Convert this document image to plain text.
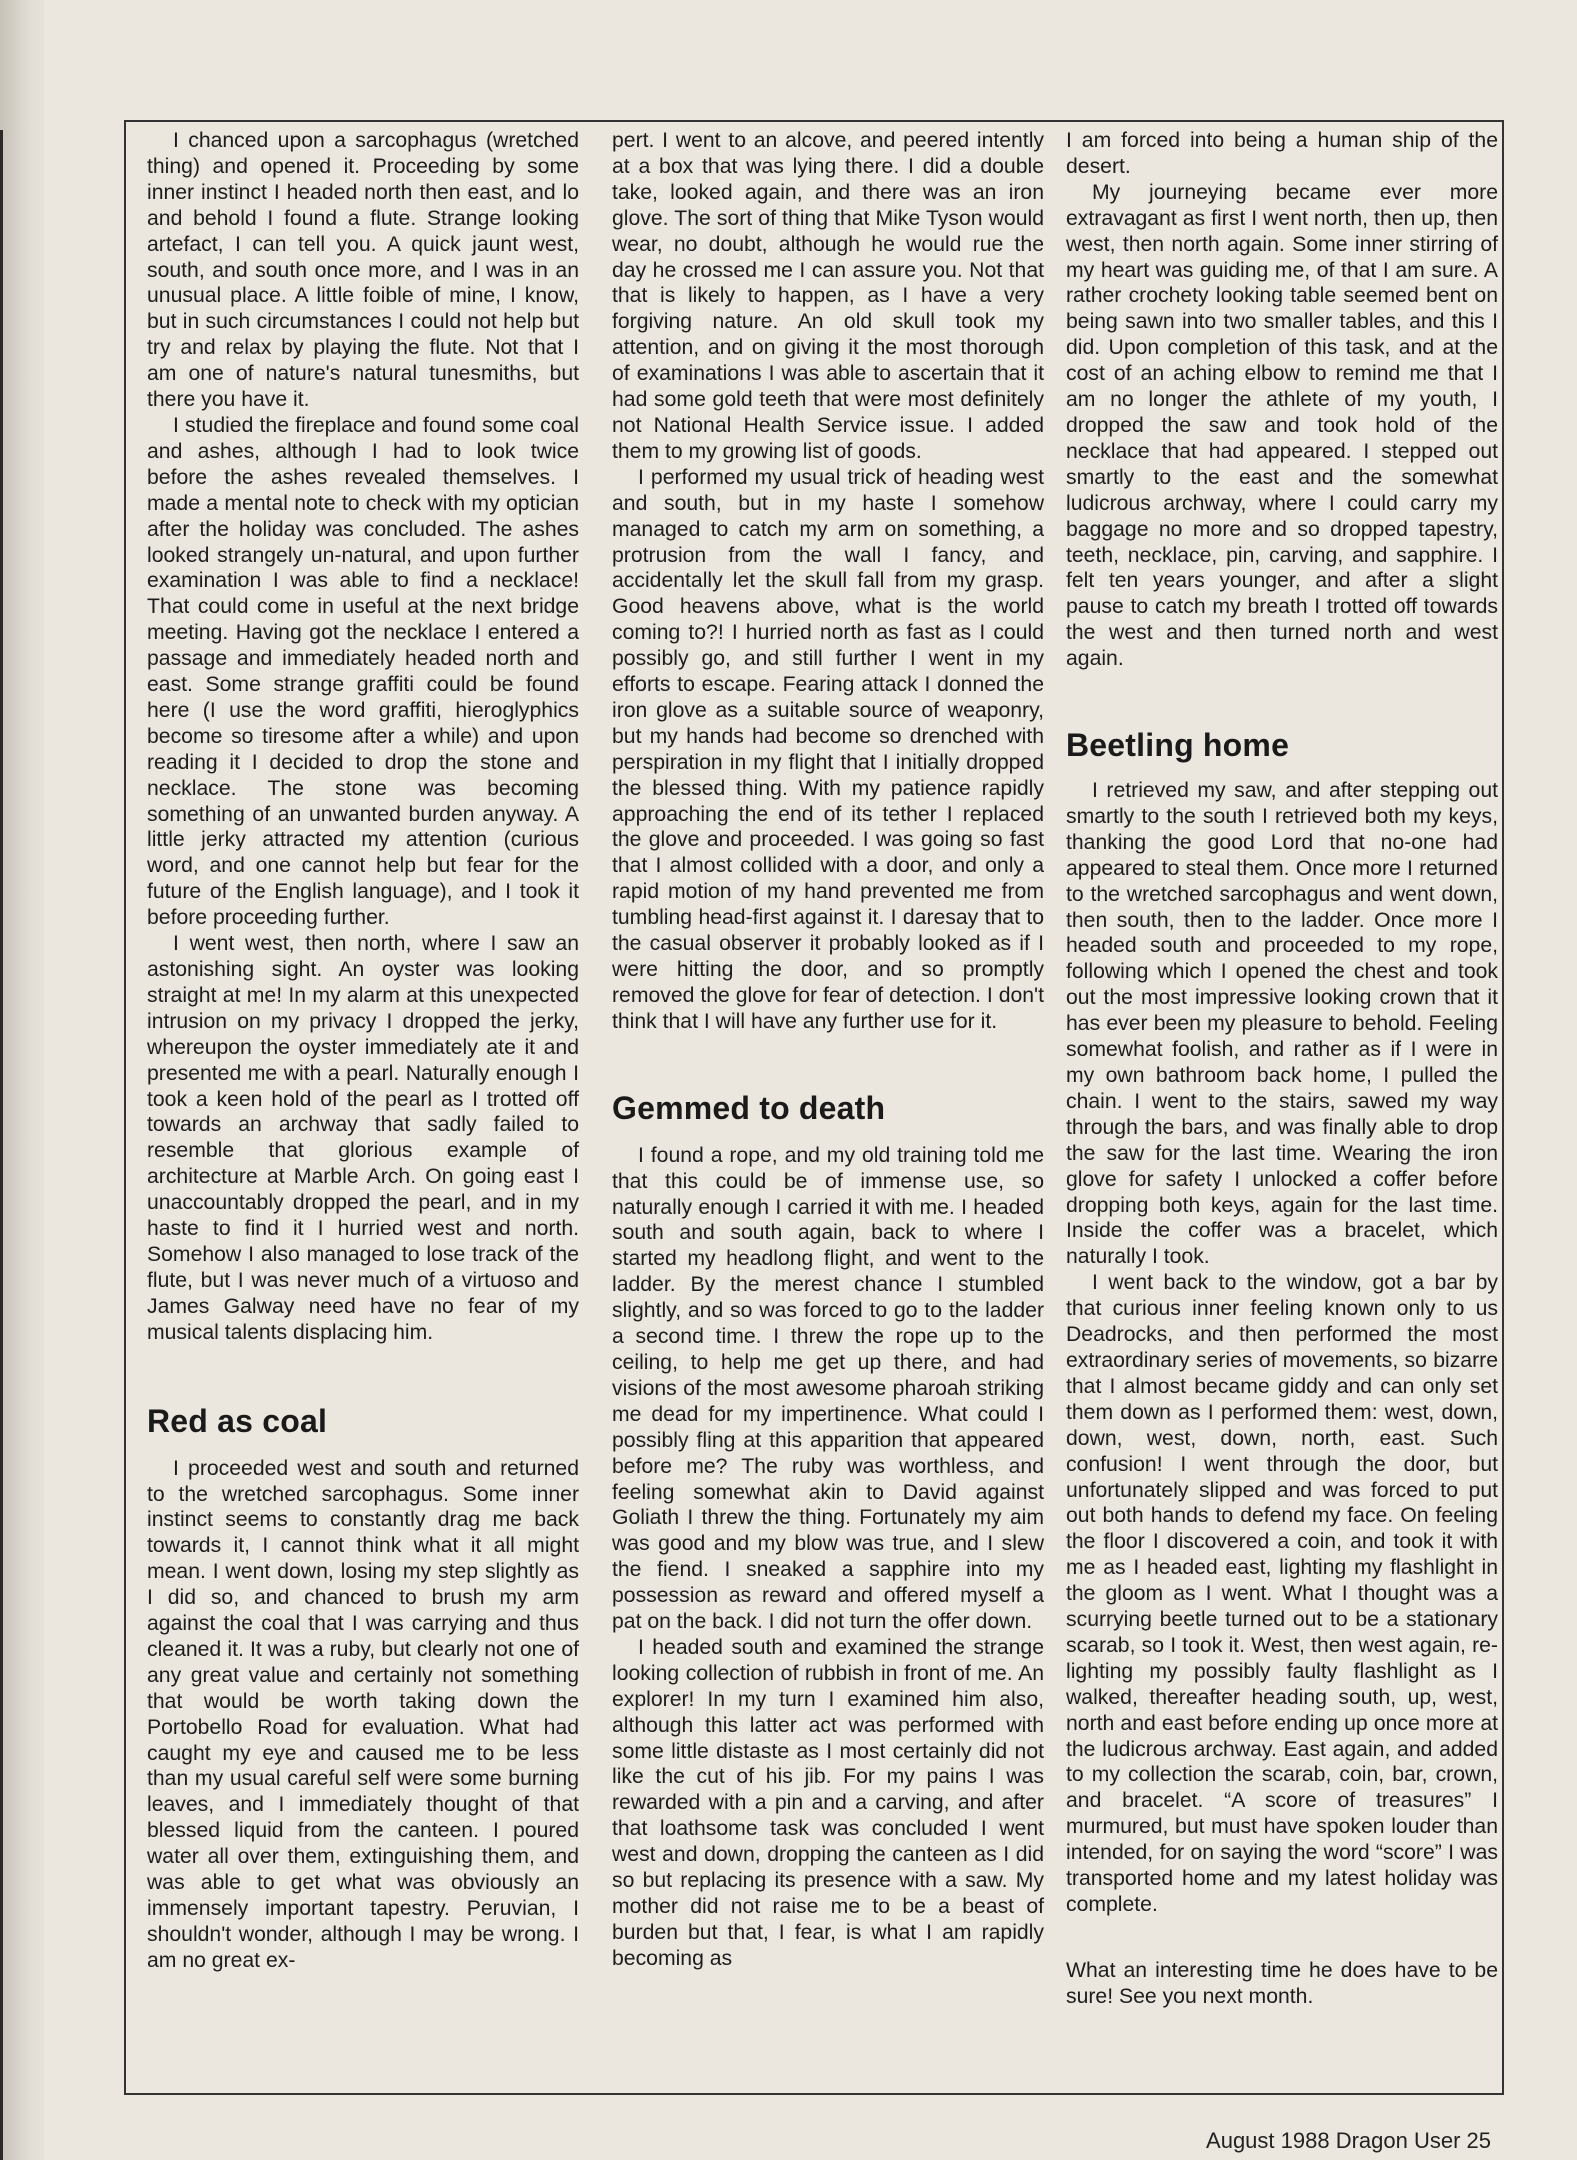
I chanced upon a sarcophagus (wretched thing) and opened it. Proceeding by some inner instinct I headed north then east, and lo and behold I found a flute. Strange looking artefact, I can tell you. A quick jaunt west, south, and south once more, and I was in an unusual place. A little foible of mine, I know, but in such circumstances I could not help but try and relax by playing the flute. Not that I am one of nature's natural tunesmiths, but there you have it.

I studied the fireplace and found some coal and ashes, although I had to look twice before the ashes revealed themselves. I made a mental note to check with my optician after the holiday was concluded. The ashes looked strangely un-natural, and upon further examination I was able to find a necklace! That could come in useful at the next bridge meeting. Having got the necklace I entered a passage and immediately headed north and east. Some strange graffiti could be found here (I use the word graffiti, hieroglyphics become so tiresome after a while) and upon reading it I decided to drop the stone and necklace. The stone was becoming something of an unwanted burden anyway. A little jerky attracted my attention (curious word, and one cannot help but fear for the future of the English language), and I took it before proceeding further.

I went west, then north, where I saw an astonishing sight. An oyster was looking straight at me! In my alarm at this unexpected intrusion on my privacy I dropped the jerky, whereupon the oyster immediately ate it and presented me with a pearl. Naturally enough I took a keen hold of the pearl as I trotted off towards an archway that sadly failed to resemble that glorious example of architecture at Marble Arch. On going east I unaccountably dropped the pearl, and in my haste to find it I hurried west and north. Somehow I also managed to lose track of the flute, but I was never much of a virtuoso and James Galway need have no fear of my musical talents displacing him.

Red as coal

I proceeded west and south and returned to the wretched sarcophagus. Some inner instinct seems to constantly drag me back towards it, I cannot think what it all might mean. I went down, losing my step slightly as I did so, and chanced to brush my arm against the coal that I was carrying and thus cleaned it. It was a ruby, but clearly not one of any great value and certainly not something that would be worth taking down the Portobello Road for evaluation. What had caught my eye and caused me to be less than my usual careful self were some burning leaves, and I immediately thought of that blessed liquid from the canteen. I poured water all over them, extinguishing them, and was able to get what was obviously an immensely important tapestry. Peruvian, I shouldn't wonder, although I may be wrong. I am no great ex-

pert. I went to an alcove, and peered intently at a box that was lying there. I did a double take, looked again, and there was an iron glove. The sort of thing that Mike Tyson would wear, no doubt, although he would rue the day he crossed me I can assure you. Not that that is likely to happen, as I have a very forgiving nature. An old skull took my attention, and on giving it the most thorough of examinations I was able to ascertain that it had some gold teeth that were most definitely not National Health Service issue. I added them to my growing list of goods.

I performed my usual trick of heading west and south, but in my haste I somehow managed to catch my arm on something, a protrusion from the wall I fancy, and accidentally let the skull fall from my grasp. Good heavens above, what is the world coming to?! I hurried north as fast as I could possibly go, and still further I went in my efforts to escape. Fearing attack I donned the iron glove as a suitable source of weaponry, but my hands had become so drenched with perspiration in my flight that I initially dropped the blessed thing. With my patience rapidly approaching the end of its tether I replaced the glove and proceeded. I was going so fast that I almost collided with a door, and only a rapid motion of my hand prevented me from tumbling head-first against it. I daresay that to the casual observer it probably looked as if I were hitting the door, and so promptly removed the glove for fear of detection. I don't think that I will have any further use for it.

Gemmed to death

I found a rope, and my old training told me that this could be of immense use, so naturally enough I carried it with me. I headed south and south again, back to where I started my headlong flight, and went to the ladder. By the merest chance I stumbled slightly, and so was forced to go to the ladder a second time. I threw the rope up to the ceiling, to help me get up there, and had visions of the most awesome pharoah striking me dead for my impertinence. What could I possibly fling at this apparition that appeared before me? The ruby was worthless, and feeling somewhat akin to David against Goliath I threw the thing. Fortunately my aim was good and my blow was true, and I slew the fiend. I sneaked a sapphire into my possession as reward and offered myself a pat on the back. I did not turn the offer down.

I headed south and examined the strange looking collection of rubbish in front of me. An explorer! In my turn I examined him also, although this latter act was performed with some little distaste as I most certainly did not like the cut of his jib. For my pains I was rewarded with a pin and a carving, and after that loathsome task was concluded I went west and down, dropping the canteen as I did so but replacing its presence with a saw. My mother did not raise me to be a beast of burden but that, I fear, is what I am rapidly becoming as

I am forced into being a human ship of the desert.

My journeying became ever more extravagant as first I went north, then up, then west, then north again. Some inner stirring of my heart was guiding me, of that I am sure. A rather crochety looking table seemed bent on being sawn into two smaller tables, and this I did. Upon completion of this task, and at the cost of an aching elbow to remind me that I am no longer the athlete of my youth, I dropped the saw and took hold of the necklace that had appeared. I stepped out smartly to the east and the somewhat ludicrous archway, where I could carry my baggage no more and so dropped tapestry, teeth, necklace, pin, carving, and sapphire. I felt ten years younger, and after a slight pause to catch my breath I trotted off towards the west and then turned north and west again.

Beetling home

I retrieved my saw, and after stepping out smartly to the south I retrieved both my keys, thanking the good Lord that no-one had appeared to steal them. Once more I returned to the wretched sarcophagus and went down, then south, then to the ladder. Once more I headed south and proceeded to my rope, following which I opened the chest and took out the most impressive looking crown that it has ever been my pleasure to behold. Feeling somewhat foolish, and rather as if I were in my own bathroom back home, I pulled the chain. I went to the stairs, sawed my way through the bars, and was finally able to drop the saw for the last time. Wearing the iron glove for safety I unlocked a coffer before dropping both keys, again for the last time. Inside the coffer was a bracelet, which naturally I took.

I went back to the window, got a bar by that curious inner feeling known only to us Deadrocks, and then performed the most extraordinary series of movements, so bizarre that I almost became giddy and can only set them down as I performed them: west, down, down, west, down, north, east. Such confusion! I went through the door, but unfortunately slipped and was forced to put out both hands to defend my face. On feeling the floor I discovered a coin, and took it with me as I headed east, lighting my flashlight in the gloom as I went. What I thought was a scurrying beetle turned out to be a stationary scarab, so I took it. West, then west again, re-lighting my possibly faulty flashlight as I walked, thereafter heading south, up, west, north and east before ending up once more at the ludicrous archway. East again, and added to my collection the scarab, coin, bar, crown, and bracelet. “A score of treasures” I murmured, but must have spoken louder than intended, for on saying the word “score” I was transported home and my latest holiday was complete.

What an interesting time he does have to be sure! See you next month.

August 1988 Dragon User 25
